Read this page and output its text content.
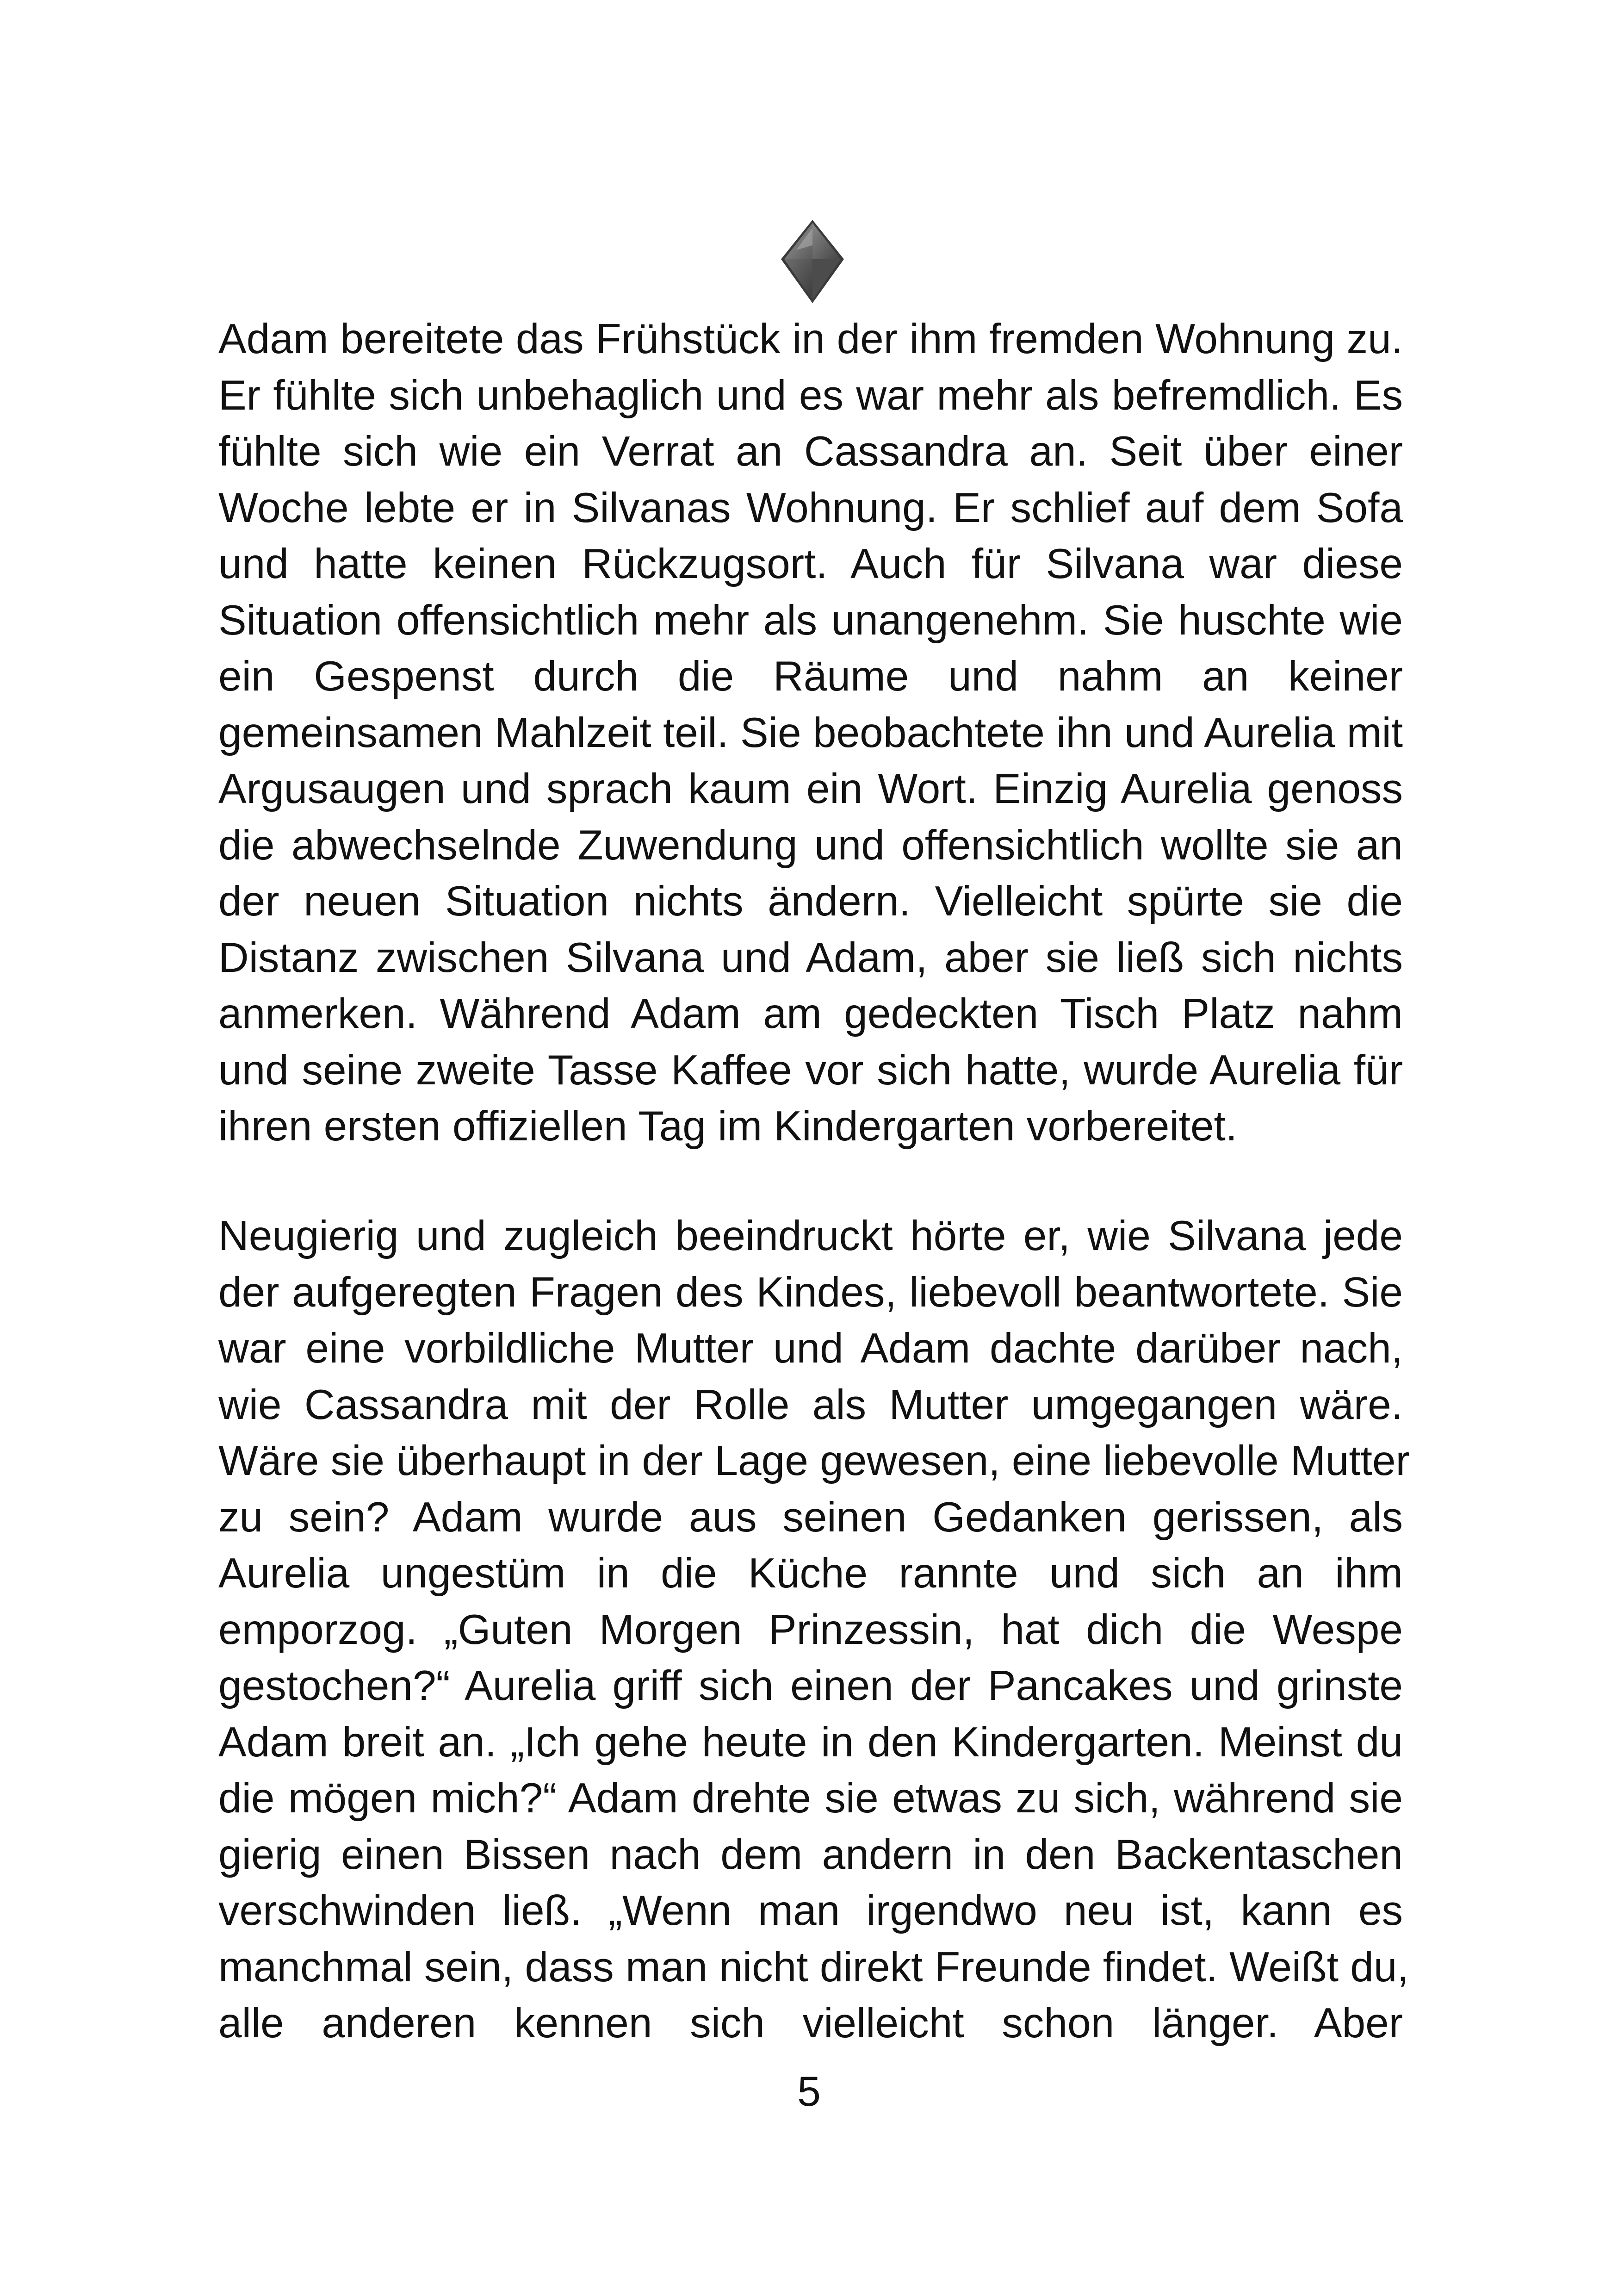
Adam bereitete das Frühstück in der ihm fremden Wohnung zu.
Er fühlte sich unbehaglich und es war mehr als befremdlich. Es
fühlte sich wie ein Verrat an Cassandra an. Seit über einer
Woche lebte er in Silvanas Wohnung. Er schlief auf dem Sofa
und hatte keinen Rückzugsort. Auch für Silvana war diese
Situation offensichtlich mehr als unangenehm. Sie huschte wie
ein Gespenst durch die Räume und nahm an keiner
gemeinsamen Mahlzeit teil. Sie beobachtete ihn und Aurelia mit
Argusaugen und sprach kaum ein Wort. Einzig Aurelia genoss
die abwechselnde Zuwendung und offensichtlich wollte sie an
der neuen Situation nichts ändern. Vielleicht spürte sie die
Distanz zwischen Silvana und Adam, aber sie ließ sich nichts
anmerken. Während Adam am gedeckten Tisch Platz nahm
und seine zweite Tasse Kaffee vor sich hatte, wurde Aurelia für
ihren ersten offiziellen Tag im Kindergarten vorbereitet.
Neugierig und zugleich beeindruckt hörte er, wie Silvana jede
der aufgeregten Fragen des Kindes, liebevoll beantwortete. Sie
war eine vorbildliche Mutter und Adam dachte darüber nach,
wie Cassandra mit der Rolle als Mutter umgegangen wäre.
Wäre sie überhaupt in der Lage gewesen, eine liebevolle Mutter
zu sein? Adam wurde aus seinen Gedanken gerissen, als
Aurelia ungestüm in die Küche rannte und sich an ihm
emporzog. „Guten Morgen Prinzessin, hat dich die Wespe
gestochen?“ Aurelia griff sich einen der Pancakes und grinste
Adam breit an. „Ich gehe heute in den Kindergarten. Meinst du
die mögen mich?“ Adam drehte sie etwas zu sich, während sie
gierig einen Bissen nach dem andern in den Backentaschen
verschwinden ließ. „Wenn man irgendwo neu ist, kann es
manchmal sein, dass man nicht direkt Freunde findet. Weißt du,
alle anderen kennen sich vielleicht schon länger. Aber
5
